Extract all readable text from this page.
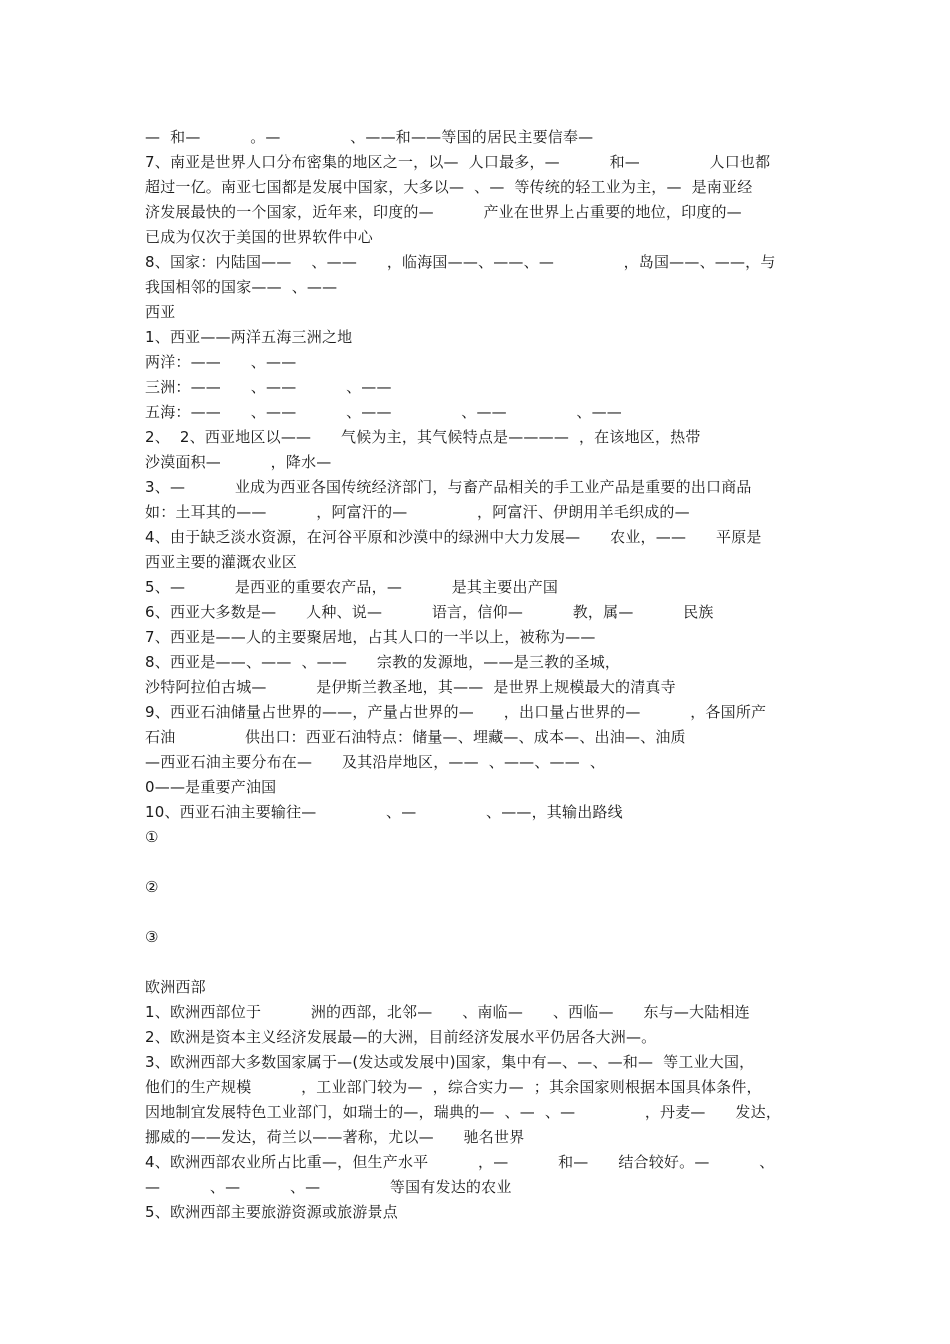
—  和—          。—              、——和——等国的居民主要信奉—
7、南亚是世界人口分布密集的地区之一，以—  人口最多，—          和—              人口也都
超过一亿。南亚七国都是发展中国家，大多以—  、—  等传统的轻工业为主，—  是南亚经
济发展最快的一个国家，近年来，印度的—          产业在世界上占重要的地位，印度的—
已成为仅次于美国的世界软件中心
8、国家：内陆国——    、——      ，临海国——、——、—              ，岛国——、——，与
我国相邻的国家——  、——
西亚
1、西亚——两洋五海三洲之地
两洋：——      、——
三洲：——      、——          、——
五海：——      、——          、——              、——              、——
2、  2、西亚地区以——      气候为主，其气候特点是————  ，在该地区，热带
沙漠面积—          ，降水—
3、—          业成为西亚各国传统经济部门，与畜产品相关的手工业产品是重要的出口商品
如：土耳其的——          ，阿富汗的—              ，阿富汗、伊朗用羊毛织成的—
4、由于缺乏淡水资源，在河谷平原和沙漠中的绿洲中大力发展—      农业，——      平原是
西亚主要的灌溉农业区
5、—          是西亚的重要农产品，—          是其主要出产国
6、西亚大多数是—      人种、说—          语言，信仰—          教，属—          民族
7、西亚是——人的主要聚居地，占其人口的一半以上，被称为——
8、西亚是——、——  、——      宗教的发源地，——是三教的圣城，
沙特阿拉伯古城—          是伊斯兰教圣地，其——  是世界上规模最大的清真寺
9、西亚石油储量占世界的——，产量占世界的—      ，出口量占世界的—          ，各国所产
石油              供出口：西亚石油特点：储量—、埋藏—、成本—、出油—、油质
—西亚石油主要分布在—      及其沿岸地区，——  、——、——  、
0——是重要产油国
10、西亚石油主要输往—              、—              、——，其输出路线
①
②
③
欧洲西部
1、欧洲西部位于          洲的西部，北邻—      、南临—      、西临—      东与—大陆相连
2、欧洲是资本主义经济发展最—的大洲，目前经济发展水平仍居各大洲—。
3、欧洲西部大多数国家属于—(发达或发展中)国家，集中有—、—、—和—  等工业大国，
他们的生产规模          ，工业部门较为—  ，综合实力—  ；其余国家则根据本国具体条件，
因地制宜发展特色工业部门，如瑞士的—，瑞典的—  、—  、—              ，丹麦—      发达，
挪威的——发达，荷兰以——著称，尤以—      驰名世界
4、欧洲西部农业所占比重—，但生产水平          ，—          和—      结合较好。—          、
—          、—          、—              等国有发达的农业
5、欧洲西部主要旅游资源或旅游景点
